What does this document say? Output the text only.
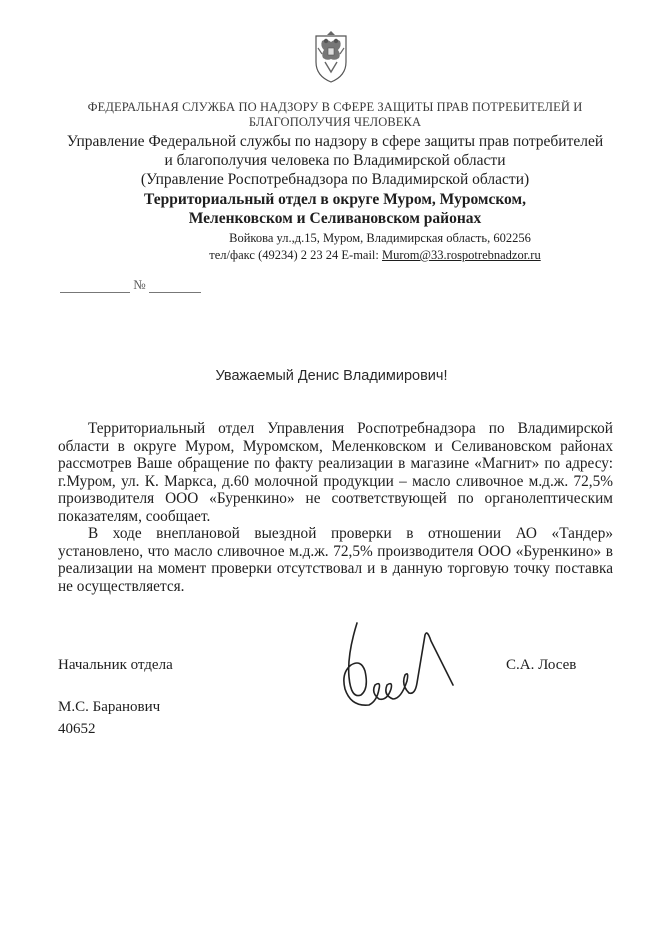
ФЕДЕРАЛЬНАЯ СЛУЖБА ПО НАДЗОРУ В СФЕРЕ ЗАЩИТЫ ПРАВ ПОТРЕБИТЕЛЕЙ И
БЛАГОПОЛУЧИЯ ЧЕЛОВЕКА
Управление Федеральной службы по надзору в сфере защиты прав потребителей
и благополучия человека по Владимирской области
(Управление Роспотребнадзора по Владимирской области)
Территориальный отдел в округе Муром, Муромском,
Меленковском и Селивановском районах
Войкова ул.,д.15, Муром, Владимирская область, 602256
тел/факс (49234) 2 23 24 E-mail: Murom@33.rospotrebnadzor.ru
№
Уважаемый Денис Владимирович!

Территориальный отдел Управления Роспотребнадзора по Владимирской области в округе Муром, Муромском, Меленковском и Селивановском районах рассмотрев Ваше обращение по факту реализации в магазине «Магнит» по адресу: г.Муром, ул. К. Маркса, д.60 молочной продукции – масло сливочное м.д.ж. 72,5% производителя ООО «Буренкино» не соответствующей по органолептическим показателям, сообщает.

В ходе внеплановой выездной проверки в отношении АО «Тандер» установлено, что масло сливочное м.д.ж. 72,5% производителя ООО «Буренкино» в реализации на момент проверки отсутствовал и в данную торговую точку поставка не осуществляется.

Начальник отдела	С.А. Лосев
М.С. Баранович
40652
